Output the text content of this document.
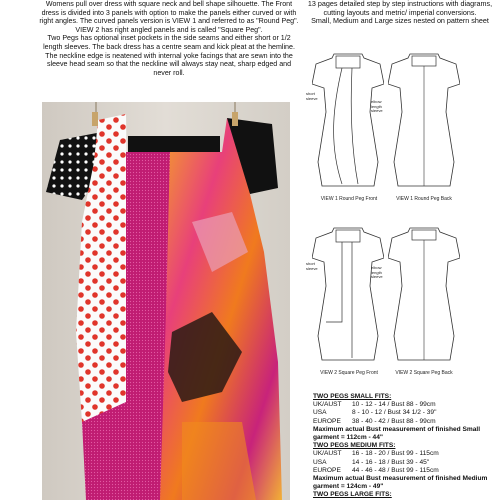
Womens pull over dress with square neck and bell shape silhouette. The Front dress is divided into 3 panels with option to make the panels either curved or with right angles. The curved panels version is VIEW 1 and referred to as "Round Peg". VIEW 2 has right angled panels and is called "Square Peg".

Two Pegs has optional inset pockets in the side seams and either short or 1/2 length sleeves. The back dress has a centre seam and kick pleat at the hemline. The neckline edge is neatened with internal yoke facings that are sewn into the sleeve head seam so that the neckline will always stay neat, sharp edged and never roll.

13 pages detailed step by step instructions with diagrams, cutting layouts and metric/ imperial conversions.

Small, Medium and Large sizes nested on pattern sheet

short sleeve
elbow length sleeve
VIEW 1 Round Peg Front	VIEW 1 Round Peg Back
short sleeve	elbow length sleeve
VIEW 2 Square Peg Front	VIEW 2 Square Peg Back
TWO PEGS SMALL FITS:
UK/AUST	10 - 12 - 14 / Bust 88 - 99cm
USA	8 - 10 - 12 / Bust 34 1/2 - 39"
EUROPE	38 - 40 - 42 / Bust 88 - 99cm
Maximum actual Bust measurement of finished Small garment = 112cm - 44"
TWO PEGS MEDIUM FITS:
UK/AUST	16 - 18 - 20 / Bust 99 - 115cm
USA	14 - 16 - 18 / Bust 39 - 45"
EUROPE	44 - 46 - 48 / Bust 99 - 115cm
Maximum actual Bust measurement of finished Medium garment = 124cm - 49"
TWO PEGS LARGE FITS:
